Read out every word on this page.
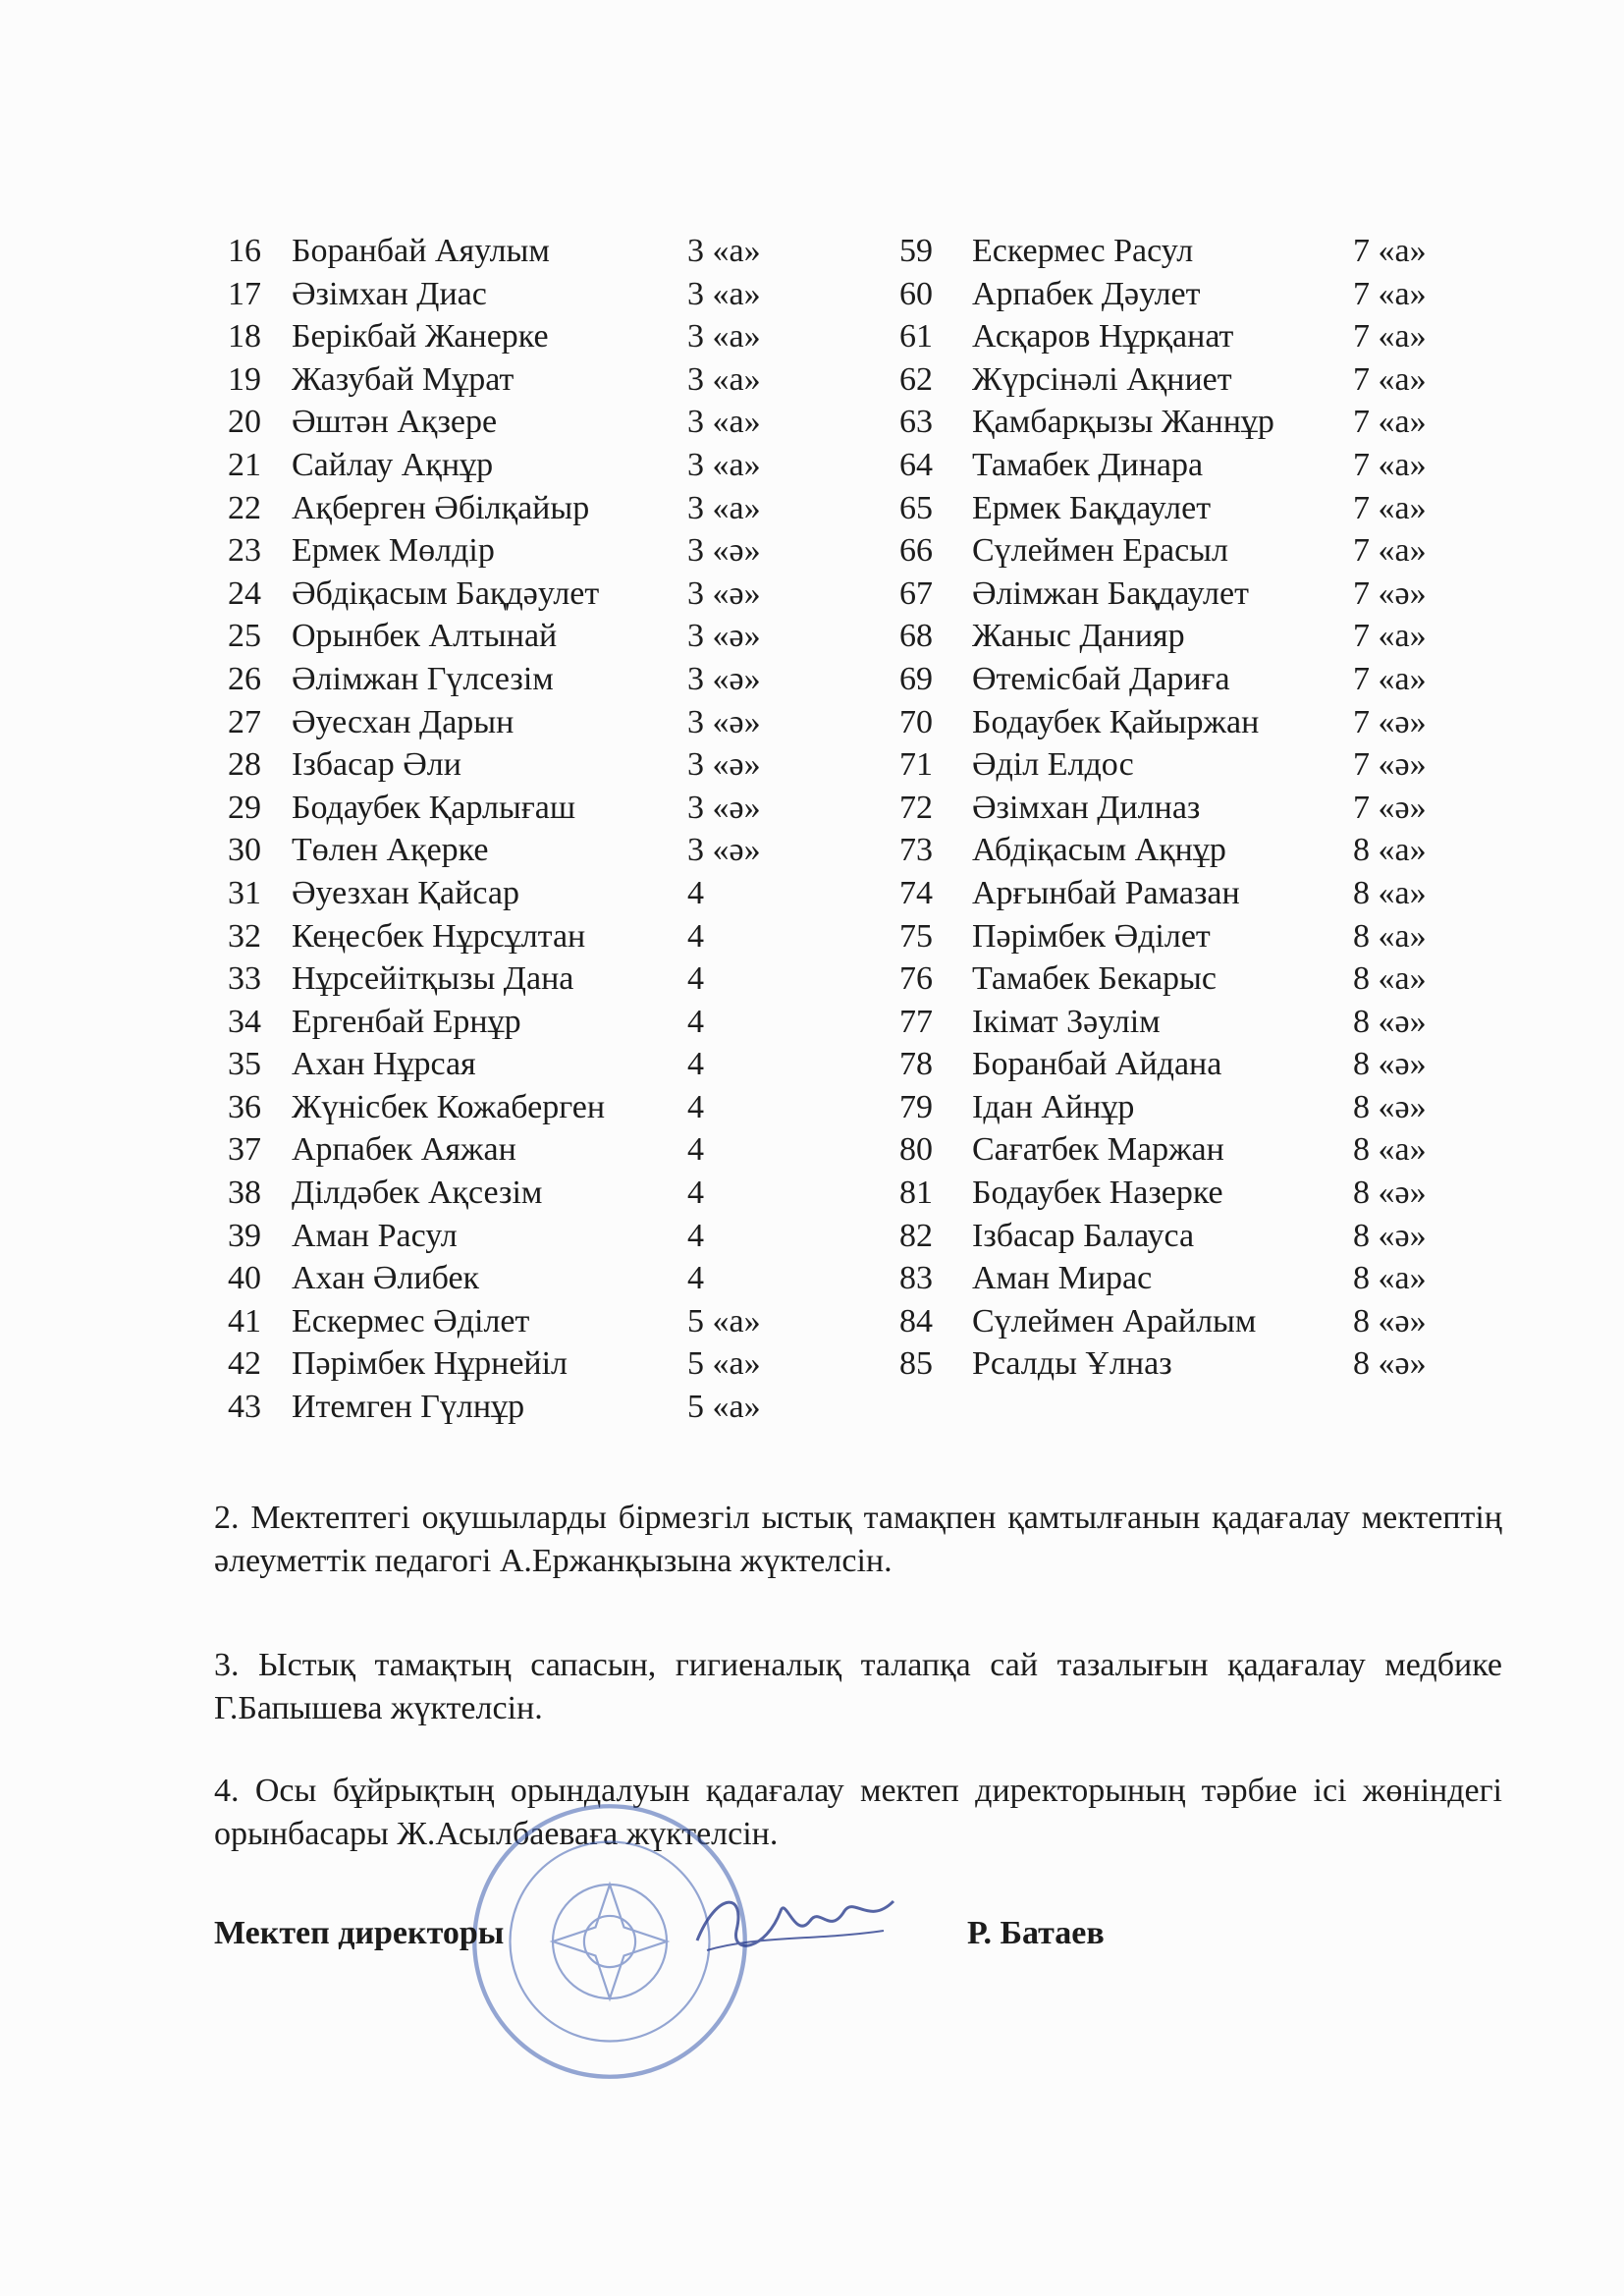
16 Боранбай Аяулым	3 «а»
17 Әзімхан Диас	3 «а»
18 Берікбай Жанерке	3 «а»
19 Жазубай Мұрат	3 «а»
20 Әштән Ақзере	3 «а»
21 Сайлау Ақнұр	3 «а»
22 Ақберген Әбілқайыр	3 «а»
23 Ермек Мөлдір	3 «ә»
24 Әбдіқасым Бақдәулет	3 «ә»
25 Орынбек Алтынай	3 «ә»
26 Әлімжан Гүлсезім	3 «ә»
27 Әуесхан Дарын	3 «ә»
28 Ізбасар Әли	3 «ә»
29 Бодаубек Қарлығаш	3 «ә»
30 Төлен Ақерке	3 «ә»
31 Әуезхан Қайсар	4
32 Кеңесбек Нұрсұлтан	4
33 Нұрсейітқызы Дана	4
34 Ергенбай Ернұр	4
35 Ахан Нұрсая	4
36 Жүнісбек Кожаберген 4
37 Арпабек Аяжан	4
38 Ділдәбек Ақсезім	4
39 Аман Расул	4
40 Ахан Әлибек	4
41 Ескермес Әділет	5 «а»
42 Пәрімбек Нұрнейіл	5 «а»
43 Итемген Гүлнұр	5 «а»
59 Ескермес Расул	7 «а»
60 Арпабек Дәулет	7 «а»
61 Асқаров Нұрқанат	7 «а»
62 Жүрсінәлі Ақниет	7 «а»
63 Қамбарқызы Жаннұр 7 «а»
64 Тамабек Динара	7 «а»
65 Ермек Бақдаулет	7 «а»
66 Сүлеймен Ерасыл	7 «а»
67 Әлімжан Бақдаулет	7 «ә»
68 Жаныс Данияр	7 «а»
69 Өтемісбай Дариға	7 «а»
70 Бодаубек Қайыржан	7 «ә»
71 Әділ Елдос	7 «ә»
72 Әзімхан Дилназ	7 «ә»
73 Абдіқасым Ақнұр	8 «а»
74 Арғынбай Рамазан	8 «а»
75 Пәрімбек Әділет	8 «а»
76 Тамабек Бекарыс	8 «а»
77 Ікімат Зәулім	8 «ә»
78 Боранбай Айдана	8 «ә»
79 Ідан Айнұр	8 «ә»
80 Сағатбек Маржан	8 «а»
81 Бодаубек Назерке	8 «ә»
82 Ізбасар Балауса	8 «ә»
83 Аман Мирас	8 «а»
84 Сүлеймен Арайлым	8 «ә»
85 Рсалды Ұлназ	8 «ә»

2. Мектептегі оқушыларды бірмезгіл ыстық тамақпен қамтылғанын қадағалау мектептің әлеуметтік педагогі А.Ержанқызына жүктелсін.

3. Ыстық тамақтың сапасын, гигиеналық талапқа сай тазалығын қадағалау медбике Г.Бапышева жүктелсін.

4. Осы бұйрықтың орындалуын қадағалау мектеп директорының тәрбие ісі жөніндегі орынбасары Ж.Асылбаеваға жүктелсін.

Мектеп директоры	Р. Батаев
